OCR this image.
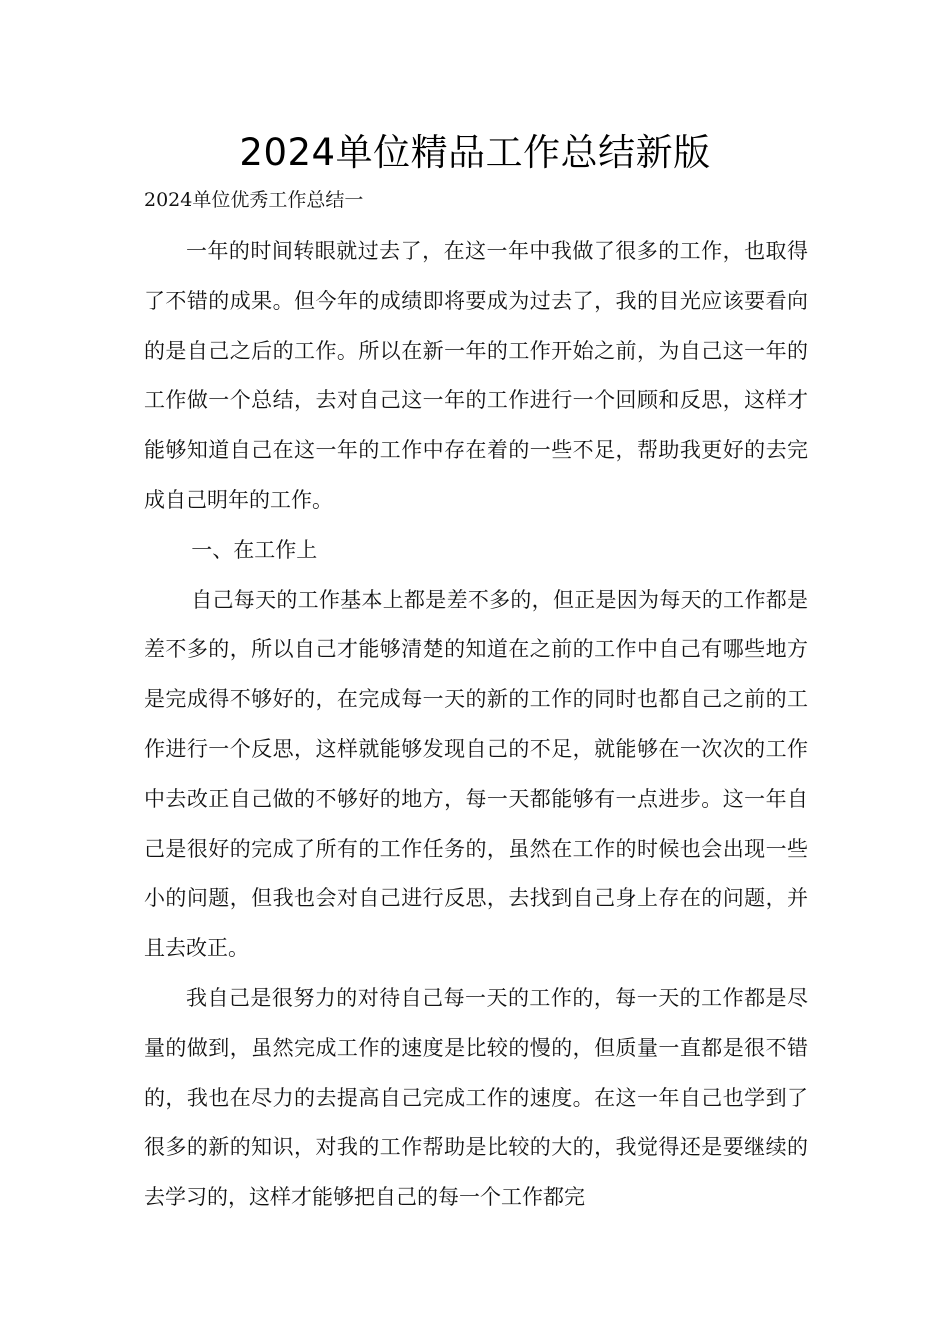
2024单位精品工作总结新版
2024单位优秀工作总结一

一年的时间转眼就过去了，在这一年中我做了很多的工作，也取得了不错的成果。但今年的成绩即将要成为过去了，我的目光应该要看向的是自己之后的工作。所以在新一年的工作开始之前，为自己这一年的工作做一个总结，去对自己这一年的工作进行一个回顾和反思，这样才能够知道自己在这一年的工作中存在着的一些不足，帮助我更好的去完成自己明年的工作。

一、在工作上

自己每天的工作基本上都是差不多的，但正是因为每天的工作都是差不多的，所以自己才能够清楚的知道在之前的工作中自己有哪些地方是完成得不够好的，在完成每一天的新的工作的同时也都自己之前的工作进行一个反思，这样就能够发现自己的不足，就能够在一次次的工作中去改正自己做的不够好的地方，每一天都能够有一点进步。这一年自己是很好的完成了所有的工作任务的，虽然在工作的时候也会出现一些小的问题，但我也会对自己进行反思，去找到自己身上存在的问题，并且去改正。

我自己是很努力的对待自己每一天的工作的，每一天的工作都是尽量的做到，虽然完成工作的速度是比较的慢的，但质量一直都是很不错的，我也在尽力的去提高自己完成工作的速度。在这一年自己也学到了很多的新的知识，对我的工作帮助是比较的大的，我觉得还是要继续的去学习的，这样才能够把自己的每一个工作都完
